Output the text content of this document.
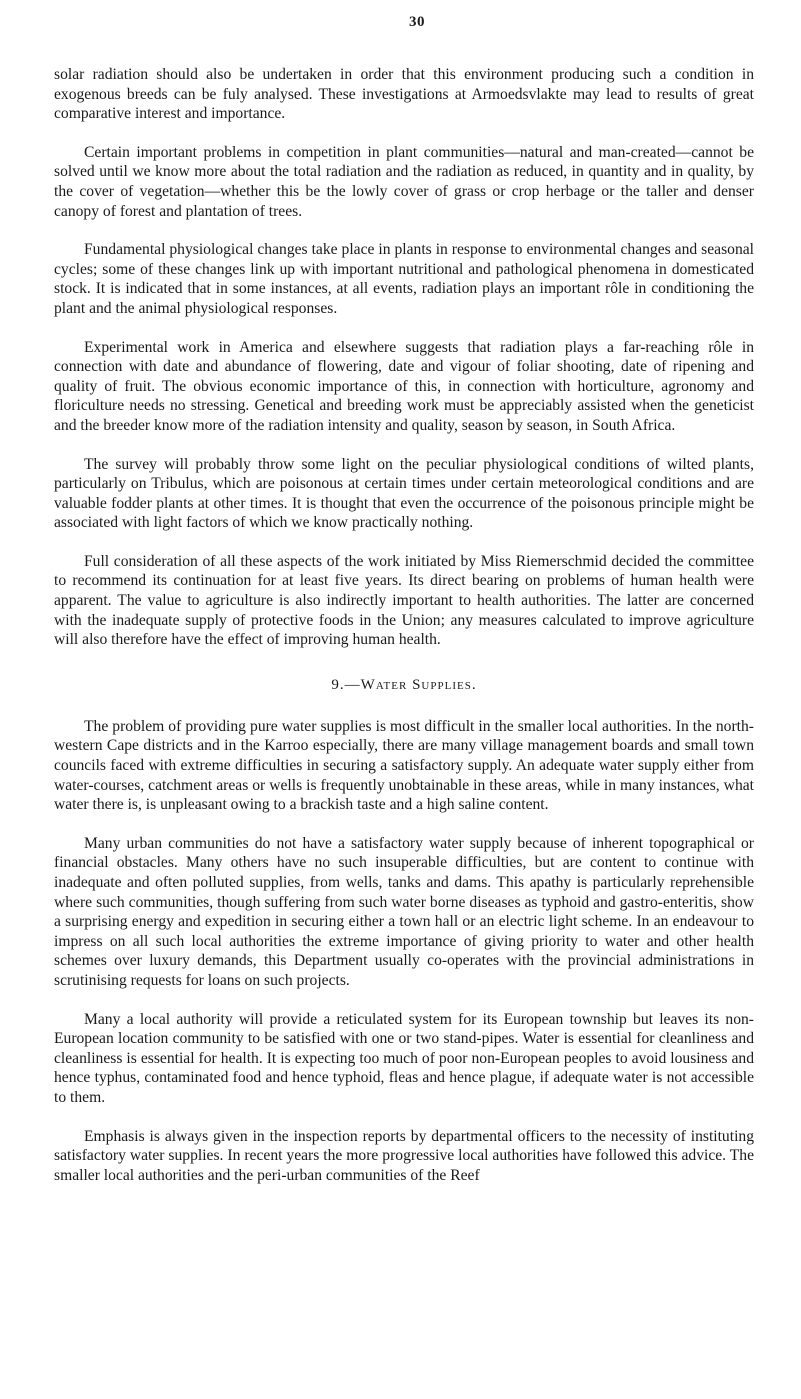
30

solar radiation should also be undertaken in order that this environment producing such a condition in exogenous breeds can be fuly analysed. These investigations at Armoedsvlakte may lead to results of great comparative interest and importance.

Certain important problems in competition in plant communities—natural and man-created—cannot be solved until we know more about the total radiation and the radiation as reduced, in quantity and in quality, by the cover of vegetation—whether this be the lowly cover of grass or crop herbage or the taller and denser canopy of forest and plantation of trees.

Fundamental physiological changes take place in plants in response to environmental changes and seasonal cycles; some of these changes link up with important nutritional and pathological phenomena in domesticated stock. It is indicated that in some instances, at all events, radiation plays an important rôle in conditioning the plant and the animal physiological responses.

Experimental work in America and elsewhere suggests that radiation plays a far-reaching rôle in connection with date and abundance of flowering, date and vigour of foliar shooting, date of ripening and quality of fruit. The obvious economic importance of this, in connection with horticulture, agronomy and floriculture needs no stressing. Genetical and breeding work must be appreciably assisted when the geneticist and the breeder know more of the radiation intensity and quality, season by season, in South Africa.

The survey will probably throw some light on the peculiar physiological conditions of wilted plants, particularly on Tribulus, which are poisonous at certain times under certain meteorological conditions and are valuable fodder plants at other times. It is thought that even the occurrence of the poisonous principle might be associated with light factors of which we know practically nothing.

Full consideration of all these aspects of the work initiated by Miss Riemerschmid decided the committee to recommend its continuation for at least five years. Its direct bearing on problems of human health were apparent. The value to agriculture is also indirectly important to health authorities. The latter are concerned with the inadequate supply of protective foods in the Union; any measures calculated to improve agriculture will also therefore have the effect of improving human health.

9.—Water Supplies.

The problem of providing pure water supplies is most difficult in the smaller local authorities. In the north-western Cape districts and in the Karroo especially, there are many village management boards and small town councils faced with extreme difficulties in securing a satisfactory supply. An adequate water supply either from water-courses, catchment areas or wells is frequently unobtainable in these areas, while in many instances, what water there is, is unpleasant owing to a brackish taste and a high saline content.

Many urban communities do not have a satisfactory water supply because of inherent topographical or financial obstacles. Many others have no such insuperable difficulties, but are content to continue with inadequate and often polluted supplies, from wells, tanks and dams. This apathy is particularly reprehensible where such communities, though suffering from such water borne diseases as typhoid and gastro-enteritis, show a surprising energy and expedition in securing either a town hall or an electric light scheme. In an endeavour to impress on all such local authorities the extreme importance of giving priority to water and other health schemes over luxury demands, this Department usually co-operates with the provincial administrations in scrutinising requests for loans on such projects.

Many a local authority will provide a reticulated system for its European township but leaves its non-European location community to be satisfied with one or two stand-pipes. Water is essential for cleanliness and cleanliness is essential for health. It is expecting too much of poor non-European peoples to avoid lousiness and hence typhus, contaminated food and hence typhoid, fleas and hence plague, if adequate water is not accessible to them.

Emphasis is always given in the inspection reports by departmental officers to the necessity of instituting satisfactory water supplies. In recent years the more progressive local authorities have followed this advice. The smaller local authorities and the peri-urban communities of the Reef
